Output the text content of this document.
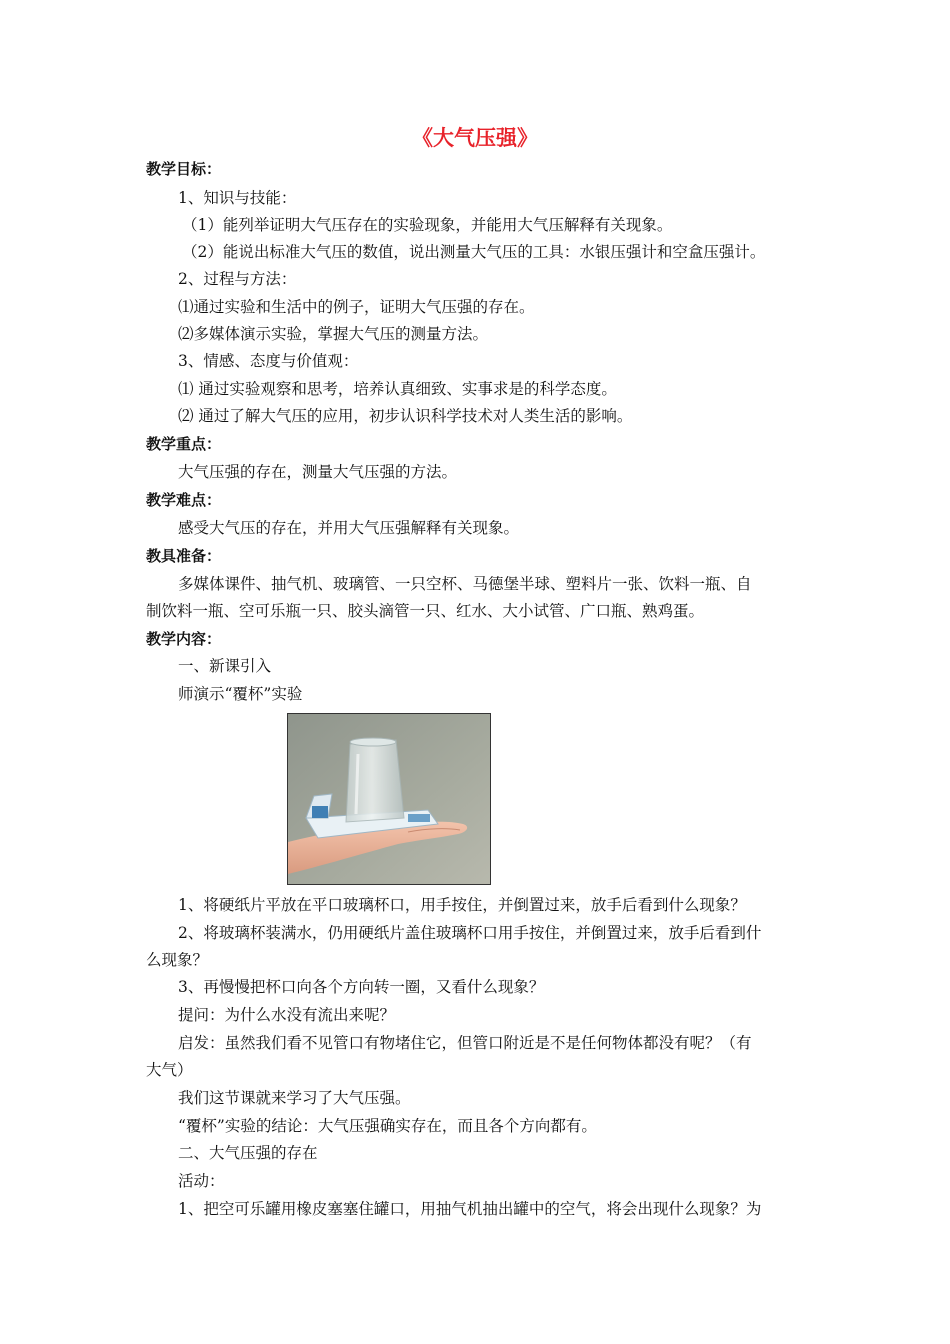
《大气压强》
教学目标：
1、知识与技能：
（1）能列举证明大气压存在的实验现象，并能用大气压解释有关现象。
（2）能说出标准大气压的数值，说出测量大气压的工具：水银压强计和空盒压强计。
2、过程与方法：
⑴通过实验和生活中的例子，证明大气压强的存在。
⑵多媒体演示实验，掌握大气压的测量方法。
3、情感、态度与价值观：
⑴ 通过实验观察和思考，培养认真细致、实事求是的科学态度。
⑵ 通过了解大气压的应用，初步认识科学技术对人类生活的影响。
教学重点：
大气压强的存在，测量大气压强的方法。
教学难点：
感受大气压的存在，并用大气压强解释有关现象。
教具准备：
多媒体课件、抽气机、玻璃管、一只空杯、马德堡半球、塑料片一张、饮料一瓶、自
制饮料一瓶、空可乐瓶一只、胶头滴管一只、红水、大小试管、广口瓶、熟鸡蛋。
教学内容：
一、新课引入
师演示“覆杯”实验
1、将硬纸片平放在平口玻璃杯口，用手按住，并倒置过来，放手后看到什么现象？
2、将玻璃杯装满水，仍用硬纸片盖住玻璃杯口用手按住，并倒置过来，放手后看到什
么现象？
3、再慢慢把杯口向各个方向转一圈，又看什么现象？
提问：为什么水没有流出来呢？
启发：虽然我们看不见管口有物堵住它，但管口附近是不是任何物体都没有呢？（有
大气）
我们这节课就来学习了大气压强。
“覆杯”实验的结论：大气压强确实存在，而且各个方向都有。
二、大气压强的存在
活动：
1、把空可乐罐用橡皮塞塞住罐口，用抽气机抽出罐中的空气，将会出现什么现象？为
